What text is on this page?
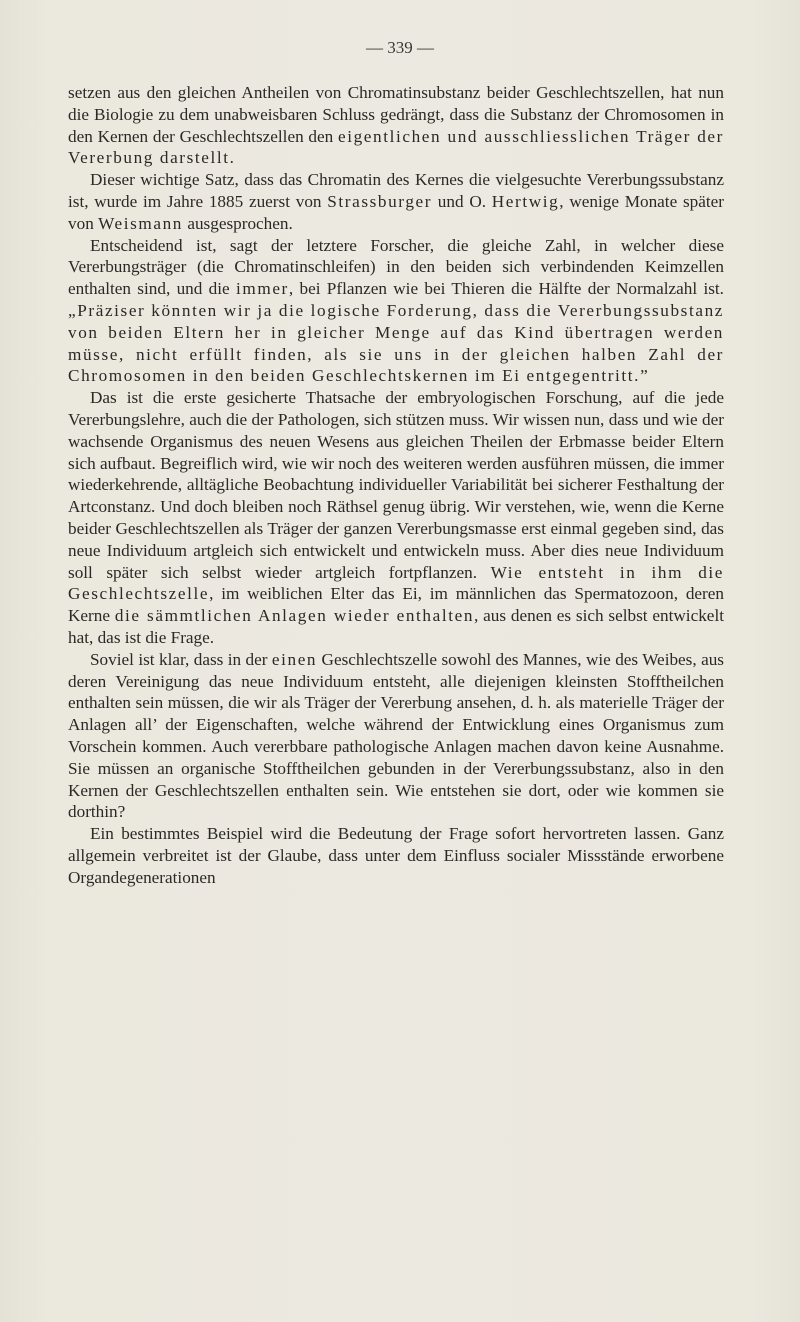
— 339 —

setzen aus den gleichen Antheilen von Chromatinsubstanz beider Geschlechtszellen, hat nun die Biologie zu dem unabweisbaren Schluss gedrängt, dass die Substanz der Chromosomen in den Kernen der Geschlechtszellen den eigentlichen und ausschliesslichen Träger der Vererbung darstellt.

Dieser wichtige Satz, dass das Chromatin des Kernes die vielgesuchte Vererbungssubstanz ist, wurde im Jahre 1885 zuerst von Strassburger und O. Hertwig, wenige Monate später von Weismann ausgesprochen.

Entscheidend ist, sagt der letztere Forscher, die gleiche Zahl, in welcher diese Vererbungsträger (die Chromatinschleifen) in den beiden sich verbindenden Keimzellen enthalten sind, und die immer, bei Pflanzen wie bei Thieren die Hälfte der Normalzahl ist. „Präziser könnten wir ja die logische Forderung, dass die Vererbungssubstanz von beiden Eltern her in gleicher Menge auf das Kind übertragen werden müsse, nicht erfüllt finden, als sie uns in der gleichen halben Zahl der Chromosomen in den beiden Geschlechtskernen im Ei entgegentritt.”

Das ist die erste gesicherte Thatsache der embryologischen Forschung, auf die jede Vererbungslehre, auch die der Pathologen, sich stützen muss. Wir wissen nun, dass und wie der wachsende Organismus des neuen Wesens aus gleichen Theilen der Erbmasse beider Eltern sich aufbaut. Begreiflich wird, wie wir noch des weiteren werden ausführen müssen, die immer wiederkehrende, alltägliche Beobachtung individueller Variabilität bei sicherer Festhaltung der Artconstanz. Und doch bleiben noch Räthsel genug übrig. Wir verstehen, wie, wenn die Kerne beider Geschlechtszellen als Träger der ganzen Vererbungsmasse erst einmal gegeben sind, das neue Individuum artgleich sich entwickelt und entwickeln muss. Aber dies neue Individuum soll später sich selbst wieder artgleich fortpflanzen. Wie entsteht in ihm die Geschlechtszelle, im weiblichen Elter das Ei, im männlichen das Spermatozoon, deren Kerne die sämmtlichen Anlagen wieder enthalten, aus denen es sich selbst entwickelt hat, das ist die Frage.

Soviel ist klar, dass in der einen Geschlechtszelle sowohl des Mannes, wie des Weibes, aus deren Vereinigung das neue Individuum entsteht, alle diejenigen kleinsten Stofftheilchen enthalten sein müssen, die wir als Träger der Vererbung ansehen, d. h. als materielle Träger der Anlagen all’ der Eigenschaften, welche während der Entwicklung eines Organismus zum Vorschein kommen. Auch vererbbare pathologische Anlagen machen davon keine Ausnahme. Sie müssen an organische Stofftheilchen gebunden in der Vererbungssubstanz, also in den Kernen der Geschlechtszellen enthalten sein. Wie entstehen sie dort, oder wie kommen sie dorthin?

Ein bestimmtes Beispiel wird die Bedeutung der Frage sofort hervortreten lassen. Ganz allgemein verbreitet ist der Glaube, dass unter dem Einfluss socialer Missstände erworbene Organdegenerationen
